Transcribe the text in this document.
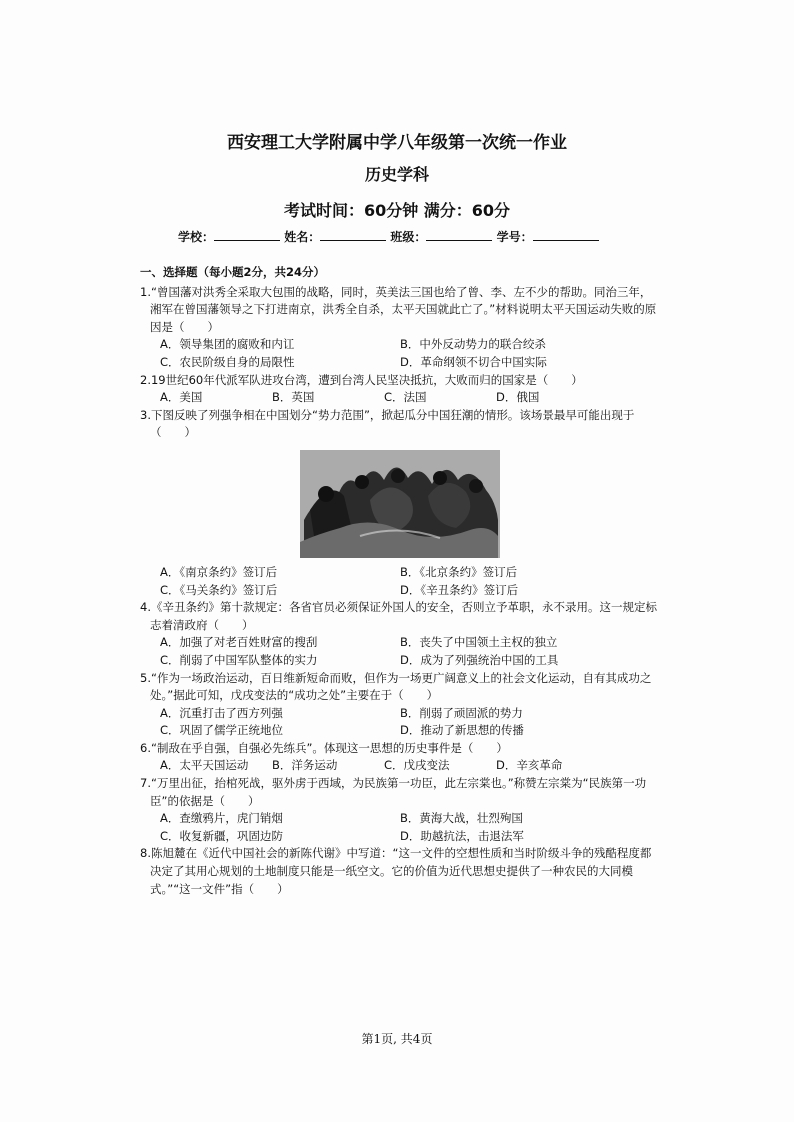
西安理工大学附属中学八年级第一次统一作业
历史学科
考试时间：60分钟 满分：60分
学校：	姓名：	班级：	学号：
一、选择题（每小题2分，共24分）
1.“曾国藩对洪秀全采取大包围的战略，同时，英美法三国也给了曾、李、左不少的帮助。同治三年，湘军在曾国藩领导之下打进南京，洪秀全自杀，太平天国就此亡了。”材料说明太平天国运动失败的原因是（　　）
A．领导集团的腐败和内讧	B．中外反动势力的联合绞杀
C．农民阶级自身的局限性	D．革命纲领不切合中国实际
2.19世纪60年代派军队进攻台湾，遭到台湾人民坚决抵抗，大败而归的国家是（　　）
A．美国	B．英国	C．法国	D．俄国
3.下图反映了列强争相在中国划分“势力范围”，掀起瓜分中国狂潮的情形。该场景最早可能出现于（　　）
A．《南京条约》签订后	B．《北京条约》签订后
C．《马关条约》签订后	D．《辛丑条约》签订后
4.《辛丑条约》第十款规定：各省官员必须保证外国人的安全，否则立予革职，永不录用。这一规定标志着清政府（　　）
A．加强了对老百姓财富的搜刮	B．丧失了中国领土主权的独立
C．削弱了中国军队整体的实力	D．成为了列强统治中国的工具
5.“作为一场政治运动，百日维新短命而败，但作为一场更广阔意义上的社会文化运动，自有其成功之处。”据此可知，戊戌变法的“成功之处”主要在于（　　）
A．沉重打击了西方列强	B．削弱了顽固派的势力
C．巩固了儒学正统地位	D．推动了新思想的传播
6.“制敌在乎自强，自强必先练兵”。体现这一思想的历史事件是（　　）
A．太平天国运动	B．洋务运动	C．戊戌变法	D．辛亥革命
7.“万里出征，抬棺死战，驱外虏于西域，为民族第一功臣，此左宗棠也。”称赞左宗棠为“民族第一功臣”的依据是（　　）
A．查缴鸦片，虎门销烟	B．黄海大战，壮烈殉国
C．收复新疆，巩固边防	D．助越抗法，击退法军
8.陈旭麓在《近代中国社会的新陈代谢》中写道：“这一文件的空想性质和当时阶级斗争的残酷程度都决定了其用心规划的土地制度只能是一纸空文。它的价值为近代思想史提供了一种农民的大同模式。”“这一文件”指（　　）
第1页, 共4页
